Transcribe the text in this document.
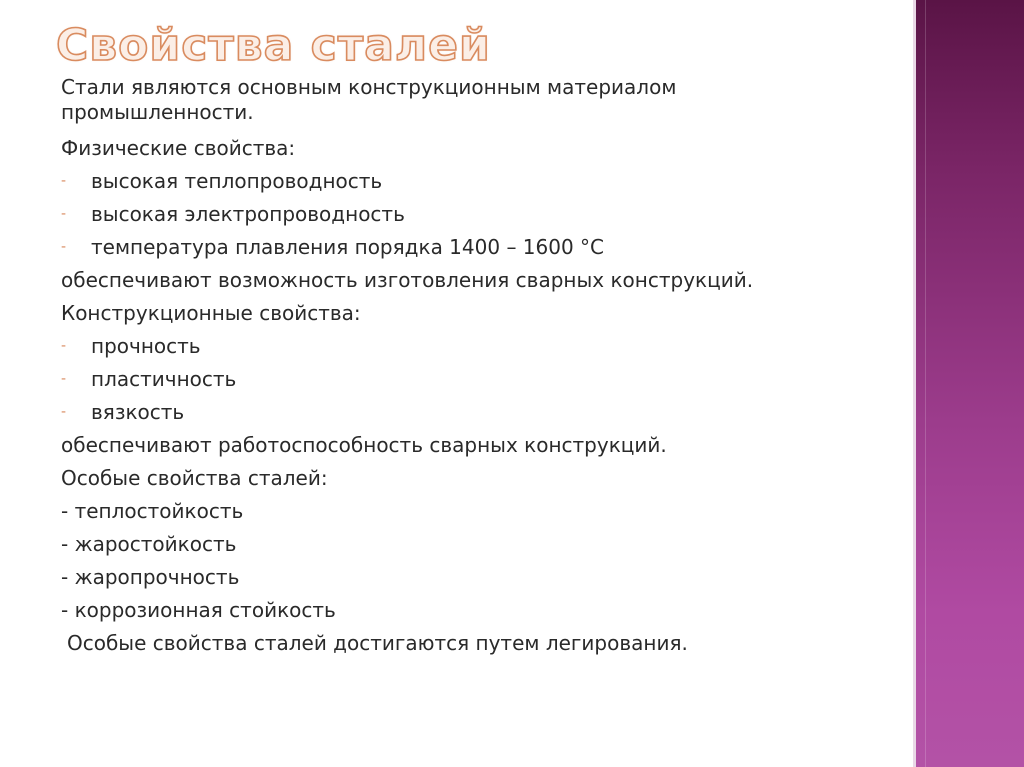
Свойства сталей

Стали являются основным конструкционным материалом промышленности.

Физические свойства:

- высокая теплопроводность

- высокая электропроводность

- температура плавления порядка 1400 – 1600 °С

обеспечивают возможность изготовления сварных конструкций.

Конструкционные свойства:

- прочность

- пластичность

- вязкость

обеспечивают работоспособность сварных конструкций.

Особые свойства сталей:

- теплостойкость

- жаростойкость

- жаропрочность

- коррозионная стойкость

Особые свойства сталей достигаются путем легирования.
